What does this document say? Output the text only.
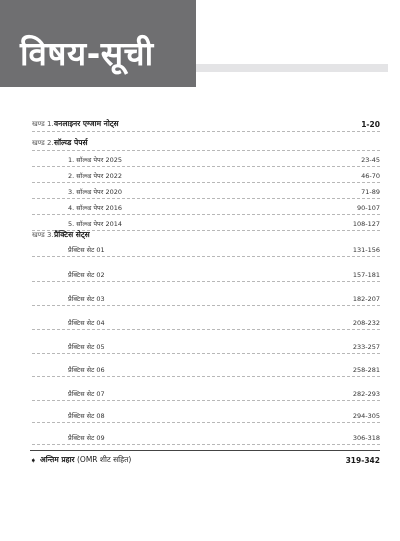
विषय-सूची
खण्ड 1. वनलाइनर एग्जाम नोट्स	1-20
खण्ड 2. सॉल्व्ड पेपर्स
1. सॉल्व्ड पेपर 2025	23-45
2. सॉल्व्ड पेपर 2022	46-70
3. सॉल्व्ड पेपर 2020	71-89
4. सॉल्व्ड पेपर 2016	90-107
5. सॉल्व्ड पेपर 2014	108-127
खण्ड 3. प्रैक्टिस सेट्स
प्रैक्टिस सेट 01	131-156
प्रैक्टिस सेट 02	157-181
प्रैक्टिस सेट 03	182-207
प्रैक्टिस सेट 04	208-232
प्रैक्टिस सेट 05	233-257
प्रैक्टिस सेट 06	258-281
प्रैक्टिस सेट 07	282-293
प्रैक्टिस सेट 08	294-305
प्रैक्टिस सेट 09	306-318
➧ अन्तिम प्रहार (OMR शीट सहित)	319-342
